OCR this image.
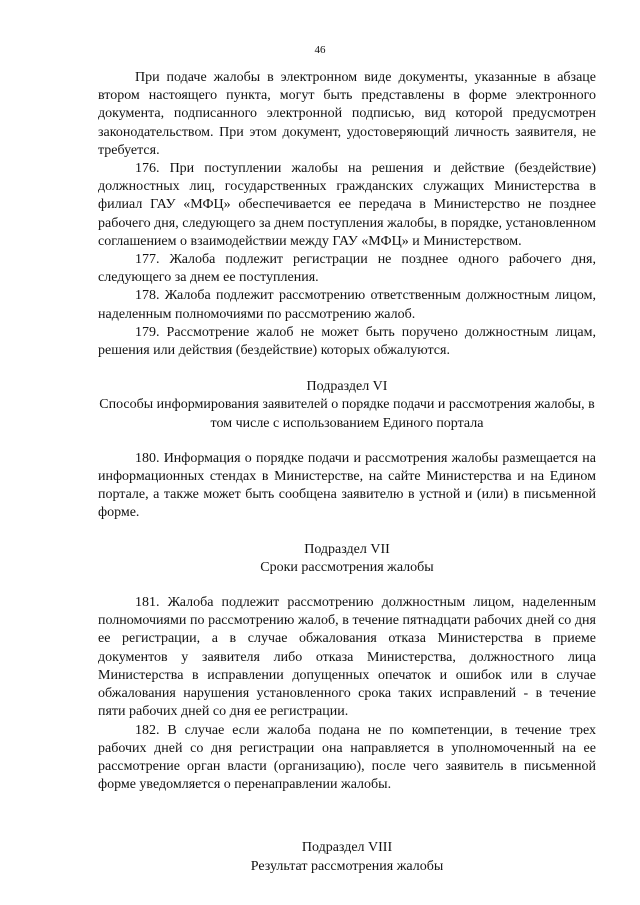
46

При подаче жалобы в электронном виде документы, указанные в абзаце втором настоящего пункта, могут быть представлены в форме электронного документа, подписанного электронной подписью, вид которой предусмотрен законодательством. При этом документ, удостоверяющий личность заявителя, не требуется.

176. При поступлении жалобы на решения и действие (бездействие) должностных лиц, государственных гражданских служащих Министерства в филиал ГАУ «МФЦ» обеспечивается ее передача в Министерство не позднее рабочего дня, следующего за днем поступления жалобы, в порядке, установленном соглашением о взаимодействии между ГАУ «МФЦ» и Министерством.

177. Жалоба подлежит регистрации не позднее одного рабочего дня, следующего за днем ее поступления.

178. Жалоба подлежит рассмотрению ответственным должностным лицом, наделенным полномочиями по рассмотрению жалоб.

179. Рассмотрение жалоб не может быть поручено должностным лицам, решения или действия (бездействие) которых обжалуются.

Подраздел VI
Способы информирования заявителей о порядке подачи и рассмотрения жалобы, в том числе с использованием Единого портала

180. Информация о порядке подачи и рассмотрения жалобы размещается на информационных стендах в Министерстве, на сайте Министерства и на Едином портале, а также может быть сообщена заявителю в устной и (или) в письменной форме.

Подраздел VII
Сроки рассмотрения жалобы

181. Жалоба подлежит рассмотрению должностным лицом, наделенным полномочиями по рассмотрению жалоб, в течение пятнадцати рабочих дней со дня ее регистрации, а в случае обжалования отказа Министерства в приеме документов у заявителя либо отказа Министерства, должностного лица Министерства в исправлении допущенных опечаток и ошибок или в случае обжалования нарушения установленного срока таких исправлений - в течение пяти рабочих дней со дня ее регистрации.

182. В случае если жалоба подана не по компетенции, в течение трех рабочих дней со дня регистрации она направляется в уполномоченный на ее рассмотрение орган власти (организацию), после чего заявитель в письменной форме уведомляется о перенаправлении жалобы.

Подраздел VIII
Результат рассмотрения жалобы
